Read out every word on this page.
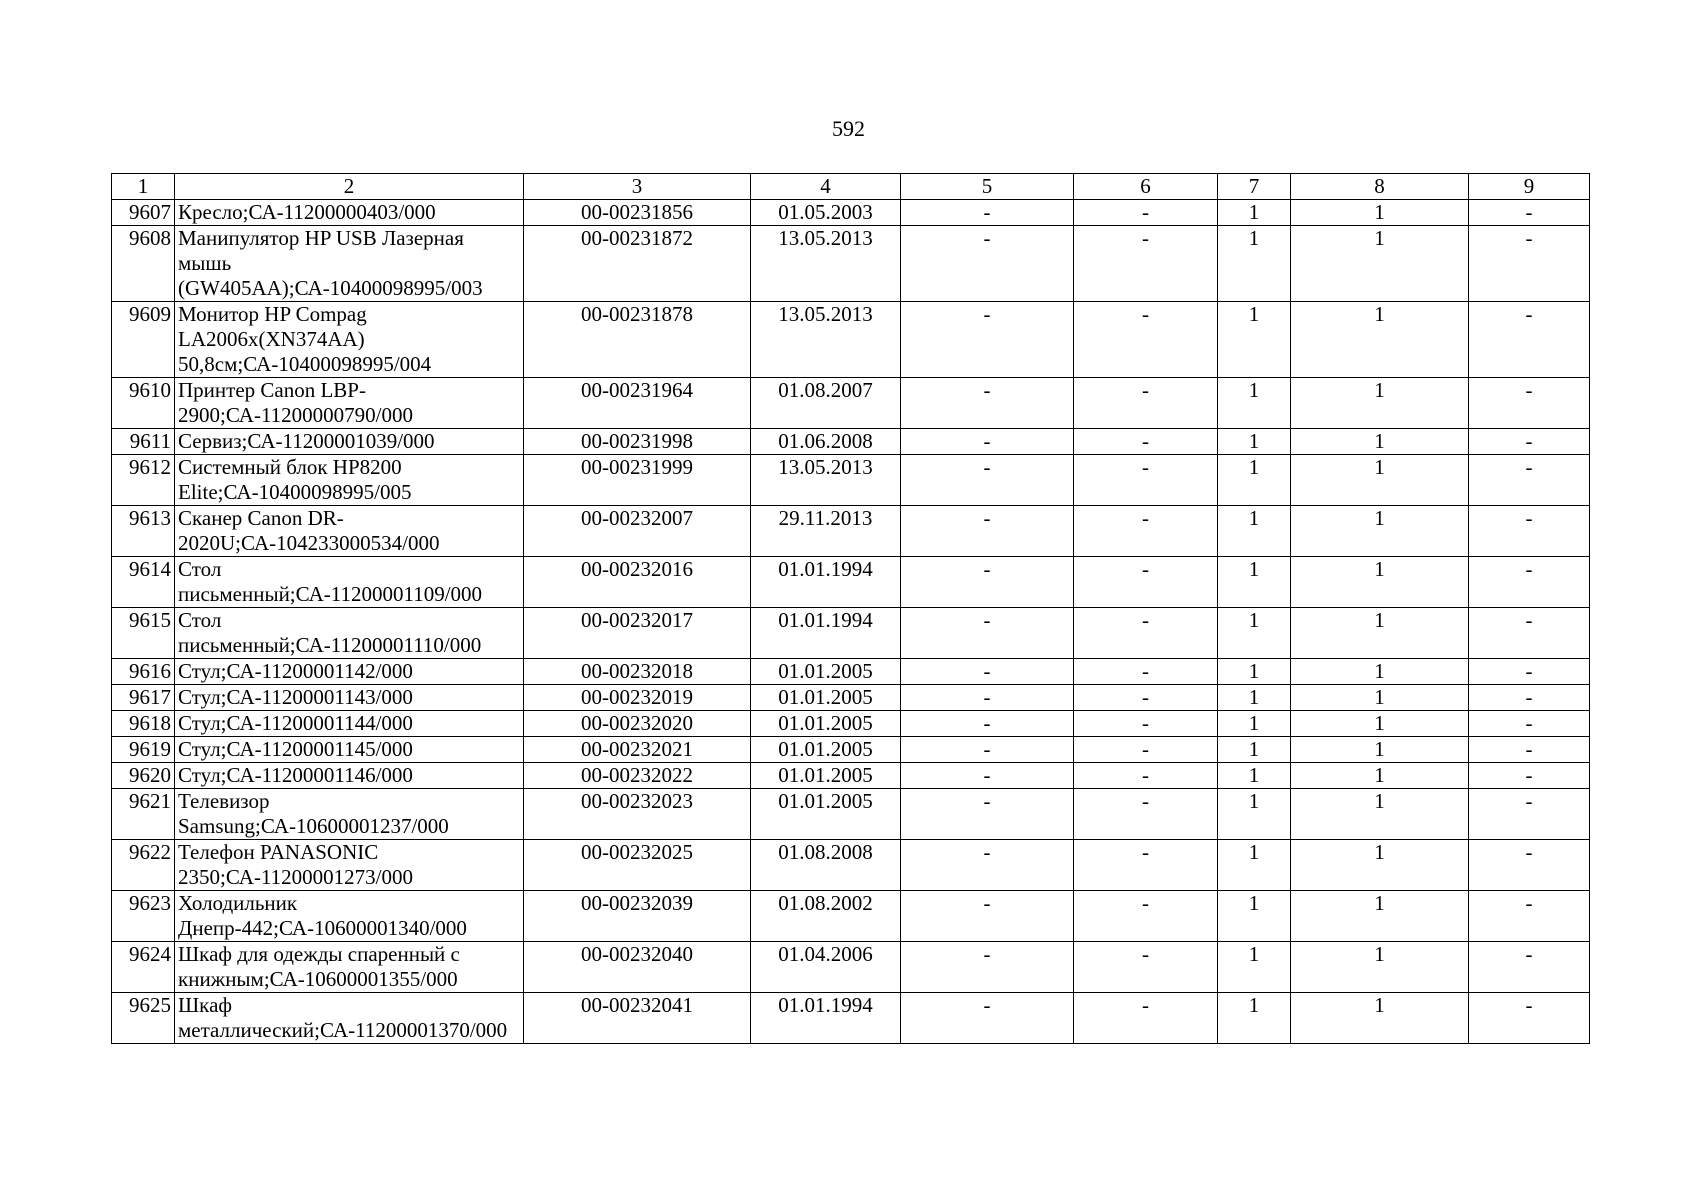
592
1	2	3	4	5	6	7	8	9
9607	Кресло;СА-11200000403/000	00-00231856	01.05.2003	-	-	1	1	-
9608	Манипулятор HP USB Лазерная мышь (GW405AA);СА-10400098995/003	00-00231872	13.05.2013	-	-	1	1	-
9609	Монитор HP Compag LA2006x(XN374AA) 50,8см;СА-10400098995/004	00-00231878	13.05.2013	-	-	1	1	-
9610	Принтер Canon LBP-2900;СА-11200000790/000	00-00231964	01.08.2007	-	-	1	1	-
9611	Сервиз;СА-11200001039/000	00-00231998	01.06.2008	-	-	1	1	-
9612	Системный блок HP8200 Elite;СА-10400098995/005	00-00231999	13.05.2013	-	-	1	1	-
9613	Сканер Canon DR-2020U;СА-104233000534/000	00-00232007	29.11.2013	-	-	1	1	-
9614	Стол письменный;СА-11200001109/000	00-00232016	01.01.1994	-	-	1	1	-
9615	Стол письменный;СА-11200001110/000	00-00232017	01.01.1994	-	-	1	1	-
9616	Стул;СА-11200001142/000	00-00232018	01.01.2005	-	-	1	1	-
9617	Стул;СА-11200001143/000	00-00232019	01.01.2005	-	-	1	1	-
9618	Стул;СА-11200001144/000	00-00232020	01.01.2005	-	-	1	1	-
9619	Стул;СА-11200001145/000	00-00232021	01.01.2005	-	-	1	1	-
9620	Стул;СА-11200001146/000	00-00232022	01.01.2005	-	-	1	1	-
9621	Телевизор Samsung;СА-10600001237/000	00-00232023	01.01.2005	-	-	1	1	-
9622	Телефон PANASONIC 2350;СА-11200001273/000	00-00232025	01.08.2008	-	-	1	1	-
9623	Холодильник Днепр-442;СА-10600001340/000	00-00232039	01.08.2002	-	-	1	1	-
9624	Шкаф для одежды спаренный с книжным;СА-10600001355/000	00-00232040	01.04.2006	-	-	1	1	-
9625	Шкаф металлический;СА-11200001370/000	00-00232041	01.01.1994	-	-	1	1	-
